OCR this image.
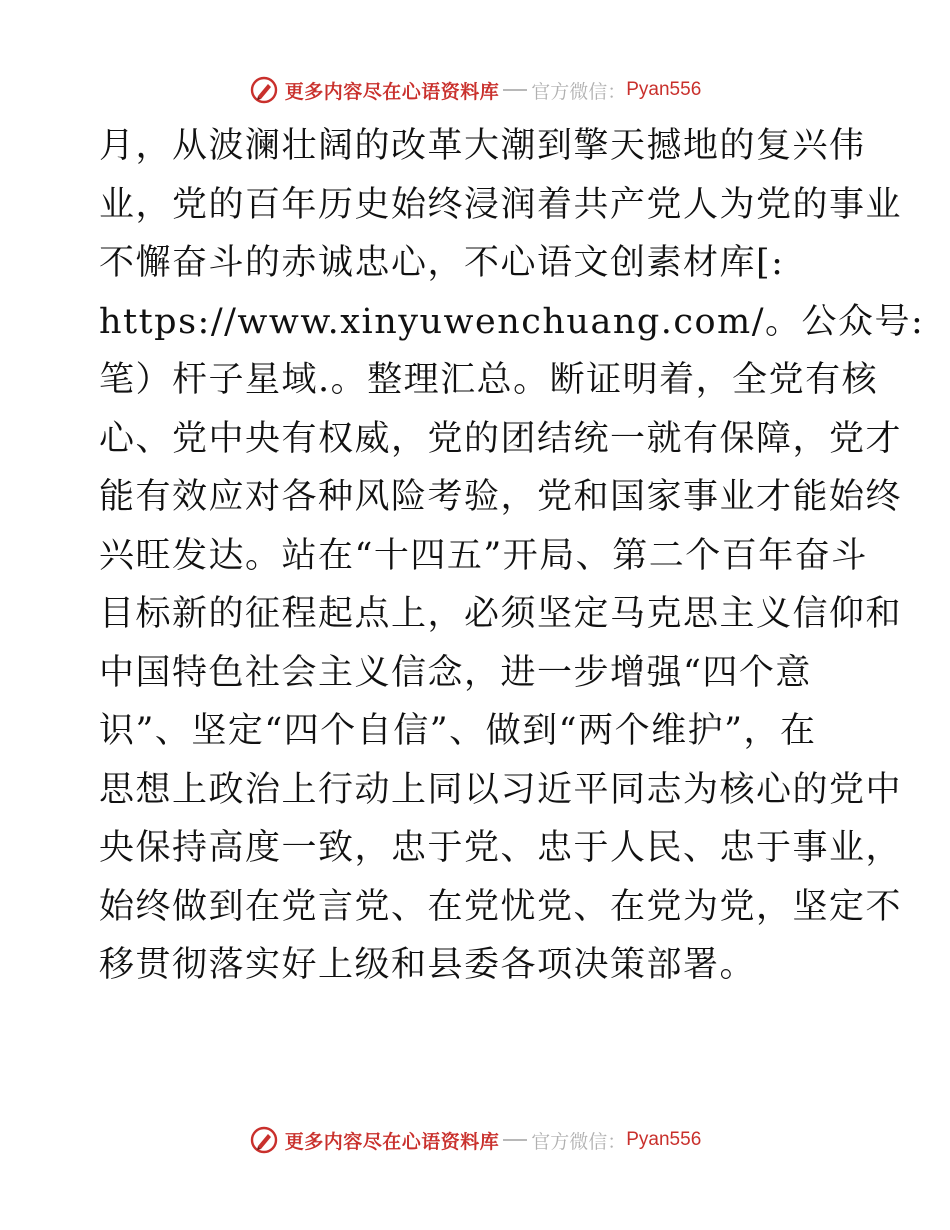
更多内容尽在心语资料库 官方微信： Pyan556
月，从波澜壮阔的改革大潮到擎天撼地的复兴伟
业，党的百年历史始终浸润着共产党人为党的事业
不懈奋斗的赤诚忠心，不心语文创素材库[:
https://www.xinyuwenchuang.com/。公众号:
笔）杆子星域.。整理汇总。断证明着，全党有核
心、党中央有权威，党的团结统一就有保障，党才
能有效应对各种风险考验，党和国家事业才能始终
兴旺发达。站在“十四五”开局、第二个百年奋斗
目标新的征程起点上，必须坚定马克思主义信仰和
中国特色社会主义信念，进一步增强“四个意
识”、坚定“四个自信”、做到“两个维护”，在
思想上政治上行动上同以习近平同志为核心的党中
央保持高度一致，忠于党、忠于人民、忠于事业，
始终做到在党言党、在党忧党、在党为党，坚定不
移贯彻落实好上级和县委各项决策部署。
更多内容尽在心语资料库 官方微信： Pyan556
